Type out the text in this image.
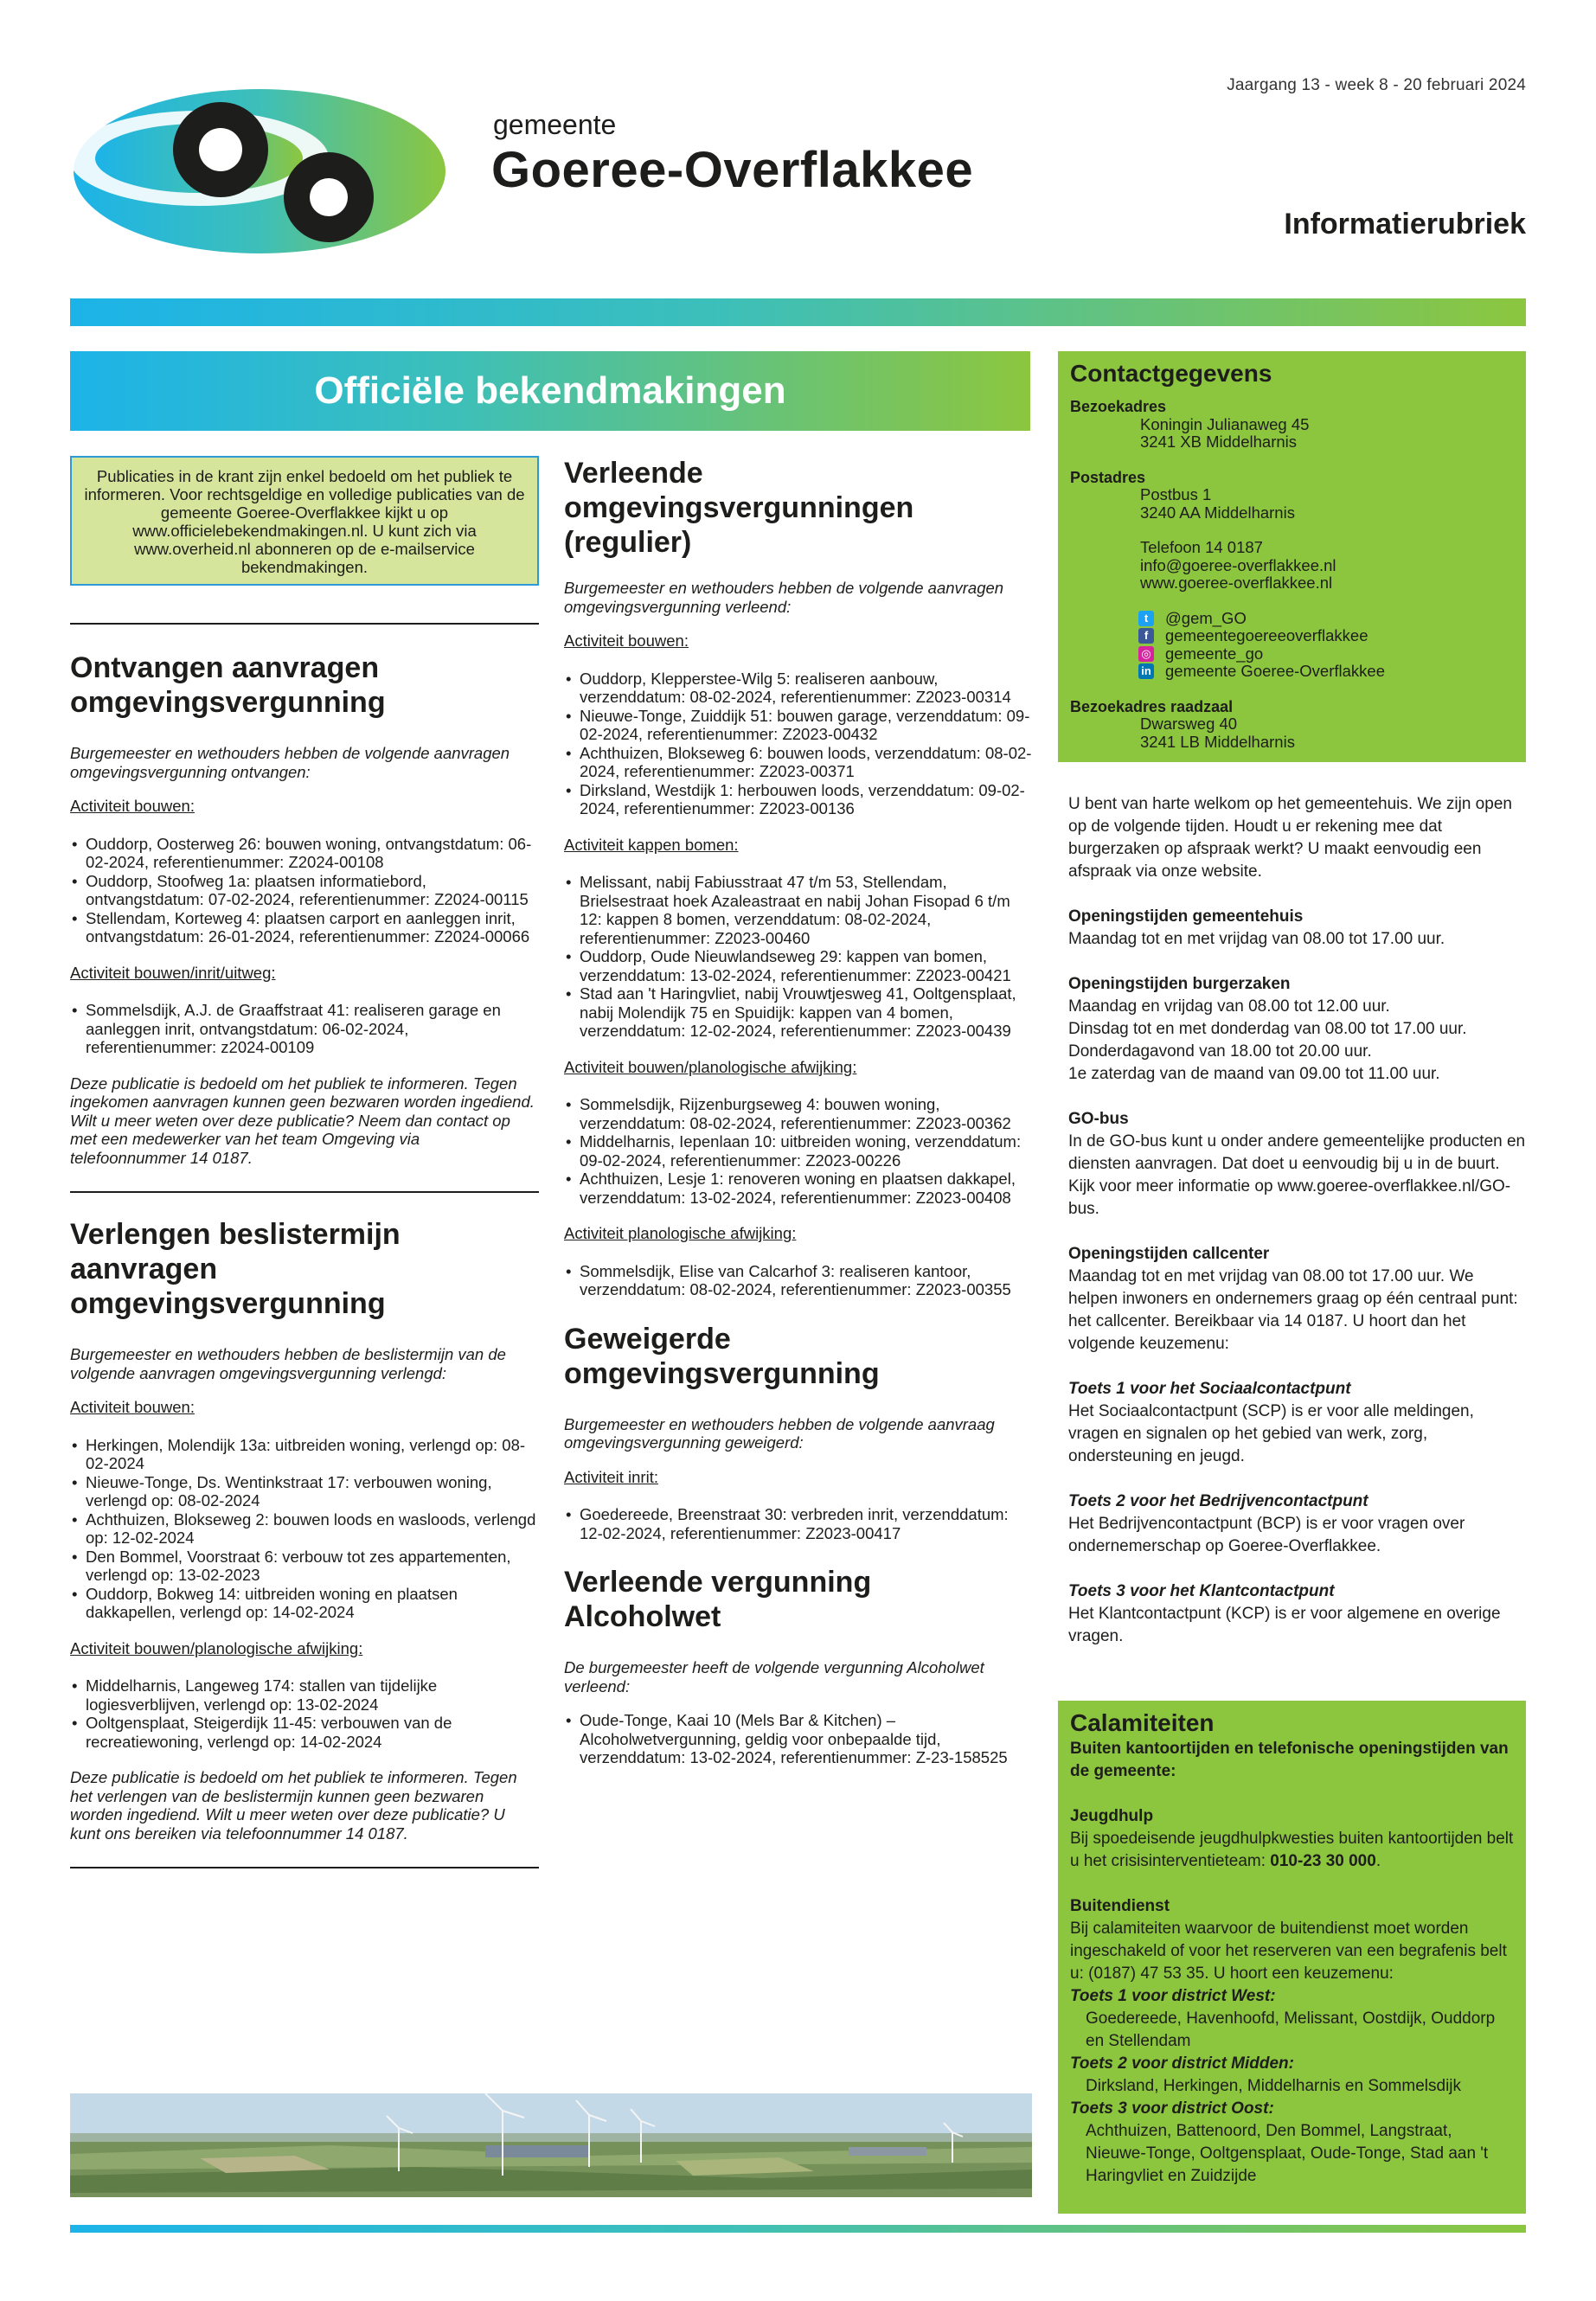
Jaargang 13 - week 8 - 20 februari 2024
gemeente
Goeree-Overflakkee
Informatierubriek
Officiële bekendmakingen
Publicaties in de krant zijn enkel bedoeld om het publiek te informeren. Voor rechtsgeldige en volledige publicaties van de gemeente Goeree-Overflakkee kijkt u op www.officielebekendmakingen.nl. U kunt zich via www.overheid.nl abonneren op de e-mailservice bekendmakingen.
Ontvangen aanvragen omgevingsvergunning

Burgemeester en wethouders hebben de volgende aanvragen omgevingsvergunning ontvangen:

Activiteit bouwen:

• Ouddorp, Oosterweg 26: bouwen woning, ontvangstdatum: 06-02-2024, referentienummer: Z2024-00108
• Ouddorp, Stoofweg 1a: plaatsen informatiebord, ontvangstdatum: 07-02-2024, referentienummer: Z2024-00115
• Stellendam, Korteweg 4: plaatsen carport en aanleggen inrit, ontvangstdatum: 26-01-2024, referentienummer: Z2024-00066

Activiteit bouwen/inrit/uitweg:

• Sommelsdijk, A.J. de Graaffstraat 41: realiseren garage en aanleggen inrit, ontvangstdatum: 06-02-2024, referentienummer: z2024-00109

Deze publicatie is bedoeld om het publiek te informeren. Tegen ingekomen aanvragen kunnen geen bezwaren worden ingediend. Wilt u meer weten over deze publicatie? Neem dan contact op met een medewerker van het team Omgeving via telefoonnummer 14 0187.

Verlengen beslistermijn aanvragen omgevingsvergunning

Burgemeester en wethouders hebben de beslistermijn van de volgende aanvragen omgevingsvergunning verlengd:

Activiteit bouwen:

• Herkingen, Molendijk 13a: uitbreiden woning, verlengd op: 08-02-2024
• Nieuwe-Tonge, Ds. Wentinkstraat 17: verbouwen woning, verlengd op: 08-02-2024
• Achthuizen, Blokseweg 2: bouwen loods en wasloods, verlengd op: 12-02-2024
• Den Bommel, Voorstraat 6: verbouw tot zes appartementen, verlengd op: 13-02-2023
• Ouddorp, Bokweg 14: uitbreiden woning en plaatsen dakkapellen, verlengd op: 14-02-2024

Activiteit bouwen/planologische afwijking:

• Middelharnis, Langeweg 174: stallen van tijdelijke logiesverblijven, verlengd op: 13-02-2024
• Ooltgensplaat, Steigerdijk 11-45: verbouwen van de recreatiewoning, verlengd op: 14-02-2024

Deze publicatie is bedoeld om het publiek te informeren. Tegen het verlengen van de beslistermijn kunnen geen bezwaren worden ingediend. Wilt u meer weten over deze publicatie? U kunt ons bereiken via telefoonnummer 14 0187.

Verleende omgevingsvergunningen (regulier)

Burgemeester en wethouders hebben de volgende aanvragen omgevingsvergunning verleend:

Activiteit bouwen:

• Ouddorp, Klepperstee-Wilg 5: realiseren aanbouw, verzenddatum: 08-02-2024, referentienummer: Z2023-00314
• Nieuwe-Tonge, Zuiddijk 51: bouwen garage, verzenddatum: 09-02-2024, referentienummer: Z2023-00432
• Achthuizen, Blokseweg 6: bouwen loods, verzenddatum: 08-02-2024, referentienummer: Z2023-00371
• Dirksland, Westdijk 1: herbouwen loods, verzenddatum: 09-02-2024, referentienummer: Z2023-00136

Activiteit kappen bomen:

• Melissant, nabij Fabiusstraat 47 t/m 53, Stellendam, Brielsestraat hoek Azaleastraat en nabij Johan Fisopad 6 t/m 12: kappen 8 bomen, verzenddatum: 08-02-2024, referentienummer: Z2023-00460
• Ouddorp, Oude Nieuwlandseweg 29: kappen van bomen, verzenddatum: 13-02-2024, referentienummer: Z2023-00421
• Stad aan 't Haringvliet, nabij Vrouwtjesweg 41, Ooltgensplaat, nabij Molendijk 75 en Spuidijk: kappen van 4 bomen, verzenddatum: 12-02-2024, referentienummer: Z2023-00439

Activiteit bouwen/planologische afwijking:

• Sommelsdijk, Rijzenburgseweg 4: bouwen woning, verzenddatum: 08-02-2024, referentienummer: Z2023-00362
• Middelharnis, Iepenlaan 10: uitbreiden woning, verzenddatum: 09-02-2024, referentienummer: Z2023-00226
• Achthuizen, Lesje 1: renoveren woning en plaatsen dakkapel, verzenddatum: 13-02-2024, referentienummer: Z2023-00408

Activiteit planologische afwijking:

• Sommelsdijk, Elise van Calcarhof 3: realiseren kantoor, verzenddatum: 08-02-2024, referentienummer: Z2023-00355
Geweigerde omgevingsvergunning

Burgemeester en wethouders hebben de volgende aanvraag omgevingsvergunning geweigerd:

Activiteit inrit:

• Goedereede, Breenstraat 30: verbreden inrit, verzenddatum: 12-02-2024, referentienummer: Z2023-00417
Verleende vergunning Alcoholwet

De burgemeester heeft de volgende vergunning Alcoholwet verleend:

• Oude-Tonge, Kaai 10 (Mels Bar & Kitchen) – Alcoholwetvergunning, geldig voor onbepaalde tijd, verzenddatum: 13-02-2024, referentienummer: Z-23-158525
Contactgegevens
Bezoekadres
Koningin Julianaweg 45
3241 XB Middelharnis
Postadres
Postbus 1
3240 AA Middelharnis
Telefoon 14 0187
info@goeree-overflakkee.nl
www.goeree-overflakkee.nl
t	@gem_GO
f	gemeentegoereeoverflakkee
◎ gemeente_go
in gemeente Goeree-Overflakkee
Bezoekadres raadzaal
Dwarsweg 40
3241 LB Middelharnis

U bent van harte welkom op het gemeentehuis. We zijn open op de volgende tijden. Houdt u er rekening mee dat burgerzaken op afspraak werkt? U maakt eenvoudig een afspraak via onze website.

Openingstijden gemeentehuis
Maandag tot en met vrijdag van 08.00 tot 17.00 uur.

Openingstijden burgerzaken
Maandag en vrijdag van 08.00 tot 12.00 uur.
Dinsdag tot en met donderdag van 08.00 tot 17.00 uur.
Donderdagavond van 18.00 tot 20.00 uur.
1e zaterdag van de maand van 09.00 tot 11.00 uur.

GO-bus
In de GO-bus kunt u onder andere gemeentelijke producten en diensten aanvragen. Dat doet u eenvoudig bij u in de buurt. Kijk voor meer informatie op www.goeree-overflakkee.nl/GO-bus.

Openingstijden callcenter
Maandag tot en met vrijdag van 08.00 tot 17.00 uur. We helpen inwoners en ondernemers graag op één centraal punt: het callcenter. Bereikbaar via 14 0187. U hoort dan het volgende keuzemenu:

Toets 1 voor het Sociaalcontactpunt
Het Sociaalcontactpunt (SCP) is er voor alle meldingen, vragen en signalen op het gebied van werk, zorg, ondersteuning en jeugd.

Toets 2 voor het Bedrijvencontactpunt
Het Bedrijvencontactpunt (BCP) is er voor vragen over ondernemerschap op Goeree-Overflakkee.

Toets 3 voor het Klantcontactpunt
Het Klantcontactpunt (KCP) is er voor algemene en overige vragen.

Calamiteiten
Buiten kantoortijden en telefonische openingstijden van de gemeente:
Jeugdhulp
Bij spoedeisende jeugdhulpkwesties buiten kantoortijden belt u het crisisinterventieteam: 010-23 30 000.
Buitendienst
Bij calamiteiten waarvoor de buitendienst moet worden ingeschakeld of voor het reserveren van een begrafenis belt u: (0187) 47 53 35. U hoort een keuzemenu:
Toets 1 voor district West:
Goedereede, Havenhoofd, Melissant, Oostdijk, Ouddorp en Stellendam
Toets 2 voor district Midden:
Dirksland, Herkingen, Middelharnis en Sommelsdijk
Toets 3 voor district Oost:
Achthuizen, Battenoord, Den Bommel, Langstraat, Nieuwe-Tonge, Ooltgensplaat, Oude-Tonge, Stad aan 't Haringvliet en Zuidzijde
